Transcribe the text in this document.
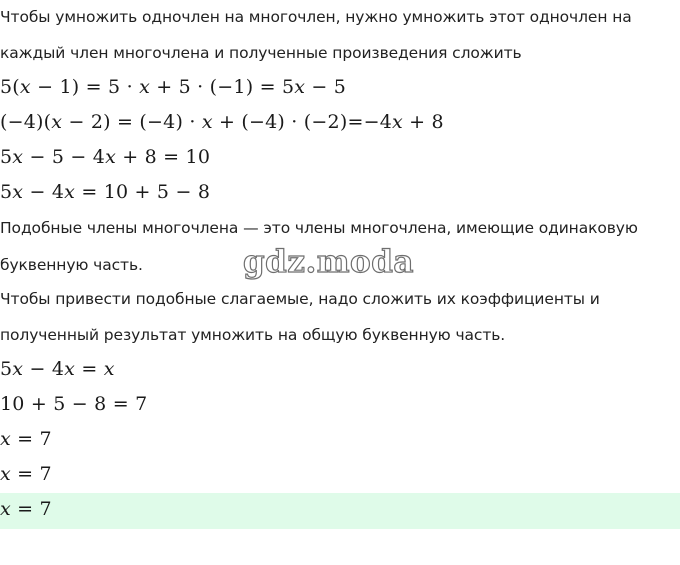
Чтобы умножить одночлен на многочлен, нужно умножить этот одночлен на
каждый член многочлена и полученные произведения сложить
5(x − 1) = 5 · x + 5 · (−1) = 5x − 5
(−4)(x − 2) = (−4) · x + (−4) · (−2)=−4x + 8
5x − 5 − 4x + 8 = 10
5x − 4x = 10 + 5 − 8
Подобные члены многочлена — это члены многочлена, имеющие одинаковую
буквенную часть.	gdz.moda
Чтобы привести подобные слагаемые, надо сложить их коэффициенты и
полученный результат умножить на общую буквенную часть.
5x − 4x = x
10 + 5 − 8 = 7
x = 7
x = 7
x = 7
